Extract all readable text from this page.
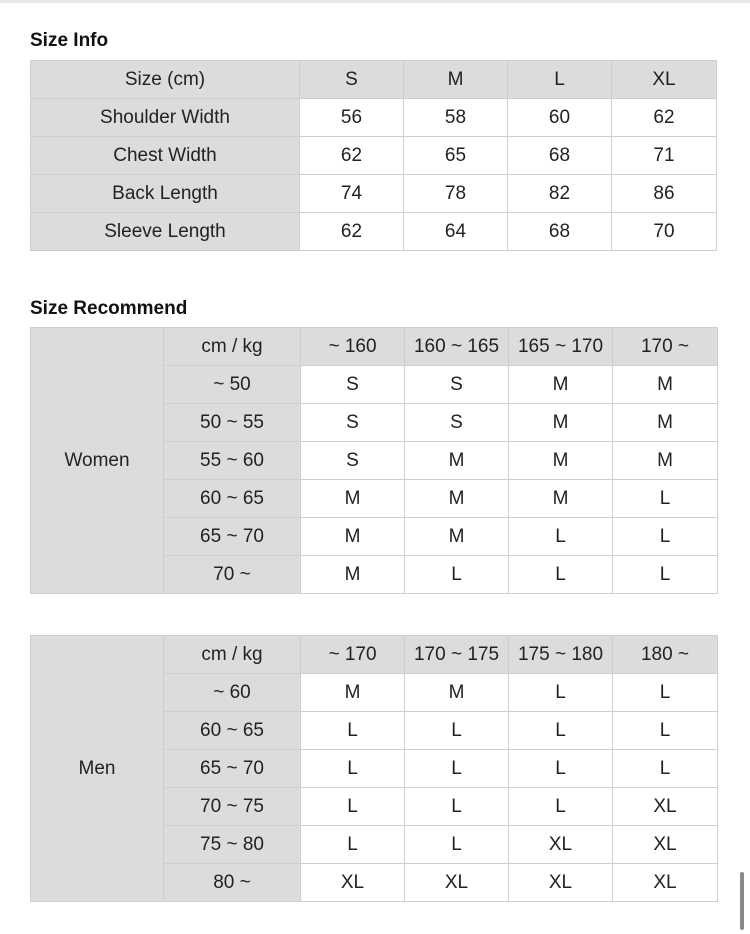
Size Info
Size (cm)	S	M	L	XL
Shoulder Width	56	58	60	62
Chest Width	62	65	68	71
Back Length	74	78	82	86
Sleeve Length	62	64	68	70
Size Recommend
Women	cm / kg	~ 160	160 ~ 165	165 ~ 170	170 ~
	~ 50	S	S	M	M
	50 ~ 55	S	S	M	M
	55 ~ 60	S	M	M	M
	60 ~ 65	M	M	M	L
	65 ~ 70	M	M	L	L
	70 ~	M	L	L	L
Men	cm / kg	~ 170	170 ~ 175	175 ~ 180	180 ~
	~ 60	M	M	L	L
	60 ~ 65	L	L	L	L
	65 ~ 70	L	L	L	L
	70 ~ 75	L	L	L	XL
	75 ~ 80	L	L	XL	XL
	80 ~	XL	XL	XL	XL
